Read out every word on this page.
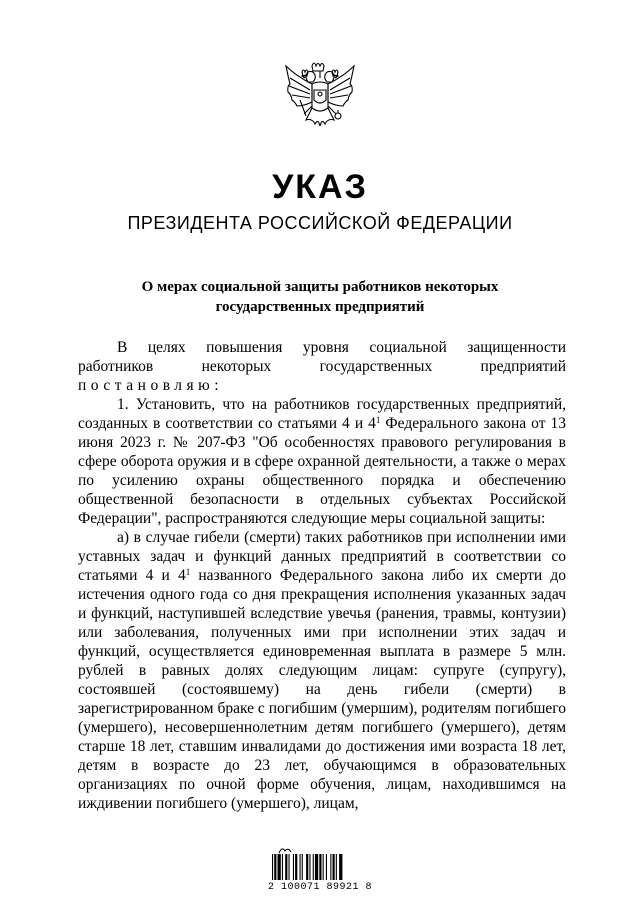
УКАЗ
ПРЕЗИДЕНТА РОССИЙСКОЙ ФЕДЕРАЦИИ
О мерах социальной защиты работников некоторых
государственных предприятий
В целях повышения уровня социальной защищенности
работников некоторых государственных предприятий
постановляю:

1. Установить, что на работников государственных предприятий, созданных в соответствии со статьями 4 и $4^1$ Федерального закона от 13 июня 2023 г. № 207-ФЗ "Об особенностях правового регулирования в сфере оборота оружия и в сфере охранной деятельности, а также о мерах по усилению охраны общественного порядка и обеспечению общественной безопасности в отдельных субъектах Российской Федерации", распространяются следующие меры социальной защиты:

а) в случае гибели (смерти) таких работников при исполнении ими уставных задач и функций данных предприятий в соответствии со статьями 4 и $4^1$ названного Федерального закона либо их смерти до истечения одного года со дня прекращения исполнения указанных задач и функций, наступившей вследствие увечья (ранения, травмы, контузии) или заболевания, полученных ими при исполнении этих задач и функций, осуществляется единовременная выплата в размере 5 млн. рублей в равных долях следующим лицам: супруге (супругу), состоявшей (состоявшему) на день гибели (смерти) в зарегистрированном браке с погибшим (умершим), родителям погибшего (умершего), несовершеннолетним детям погибшего (умершего), детям старше 18 лет, ставшим инвалидами до достижения ими возраста 18 лет, детям в возрасте до 23 лет, обучающимся в образовательных организациях по очной форме обучения, лицам, находившимся на иждивении погибшего (умершего), лицам,

2 100071 89921 8
